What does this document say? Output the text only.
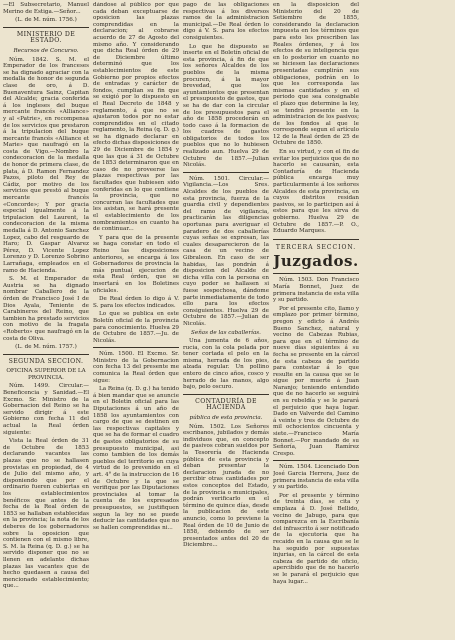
—El Subsecretario, Manuel Merino de Estiga.—Señor...

(L. de M. núm. 1756.)

MINISTERIO DE ESTADO.

Recursos de Concurso.

Núm. 1842. S. M. el Emperador de los franceses se ha dignado agraciar con la medalla de honor de segunda clase de oro, á D. Buenaventura Sainz, Capitan del Alcalde; gracia conferida á los ingleses del buque mercante francés «Alliance» y al «Patrie», en recompensa de los servicios que prestaron á la tripulacion del buque mercante francés «Alliance et Marie» que naufragó en la costa de Vigo.—Nombro la condecoracion de la medalla de honor de primera clase, de plata, á D. Ramon Fernandez Pazos, piloto del Rey de Cádiz, por motivo de los servicios que prestó al buque mercante francés «Concorde»; Y por gracia especial igualmente á la tripulacion del Laurent, la condecoracion de la misma medalla á D. Antonio Sanchez Lopez, cabo del resguardo de Haro; D. Gaspar Alvarez Pérez, D. Vicente Lopez Lorenzo y D. Lorenzo Sobrino Larrañaga, empleados en el ramo de Hacienda.

S. M. el Emperador de Austria se ha dignado nombrar Caballero de la órden de Francisco José I de Dios Ayala, Teniente de Carabineros del Reino, que tambien ha prestado servicios con motivo de la fragata «Roberto» que naufragó en la costa de Oliva.

(L. de M. núm. 1757.)

SEGUNDA SECCION.

OFICINA SUPERIOR DE LA PROVINCIA.

Núm. 1499. Circular.—Beneficencia y Sanidad.—El Excmo. Sr. Ministro de la Gobernacion del Reino se ha servido dirigir á este Gobierno con fecha 11 del actual la Real órden siguiente:

Vista la Real órden de 31 de Octubre de 1853 declarando vacantes las plazas que no se hallasen provistas en propiedad, de 4 de Julio del mismo año, y disponiendo que por el ordinario fueren cubiertas en los establecimientos benéficos que antes de la fecha de la Real órden de 1853 se hallaban establecidas en la provincia; la nota de los deberes de los gobernadores sobre la oposicion que contienen con el mismo libre, S. M. la Reina (q. D. g.) se ha servido disponer que no se llenen en adelante dichas plazas las vacantes que de hecho quedasen a causa del mencionado establecimiento; que...

dándose al público por que cada deban exceptuarse de oposicion las plazas comprendidas en la declaracion; al cobrarse acuerdo de 27 de Agosto del mismo año. Y considerando que dicha Real órden de 29 de Diciembre último determinó que los establecimientos de este Gobierno por propios efectos de entradas y carácter de fondos, cumplian su fin que se exigió por lo dispuesto en el Real Decreto de 1848 y reglamento, á que no se ajustaron todos por no estar comprendidos en el citado reglamento, la Reina (q. D. g.) se ha dignado declarar en efecto dichas disposiciones de 29 de Diciembre de 1854 y que las que á 31 de Octubre de 1853 determinaron que en caso de no proveerse las plazas respectivas por las facultades que hubiesen sido conferidas en lo que contiene la provincia, que no concurran las facultades que les asistan, se hará presente el establecimiento de los nombramientos en cuanto ha de continuar...

Y para que de la presente se haga constar en todo el Reino las disposiciones anteriores, se encarga á los Gobernadores de provincia la más puntual ejecucion de esta Real órden, que se insertará en los Boletines oficiales.

De Real órden lo digo á V. S. para los efectos indicados.

Lo que se publica en este Boletín oficial de la provincia para conocimiento. Huelva 29 de Octubre de 1857.—Ju. de Nicolás.

Núm. 1500. El Excmo. Sr. Ministro de la Gobernacion con fecha 13 del presente me comunica la Real órden que sigue:

La Reina (q. D. g.) ha tenido á bien mandar que se anuncie en el Boletin oficial para las Diputaciones á un año de 1858 los ayuntamientos con cargo de que se destinen en las respectivas capitales y que se ha de formar el cuadro de gastos obligatorios de su presupuesto municipal, asi como tambien de los demás pueblos del territorio en cuya virtud de lo prevenido en el art. 4° de la instruccion de 16 de Octubre y la que se verifique por las Diputaciones provinciales al tomar la cuenta de los expresados presupuestos, se justifiquen segun la ley no se puede deducir las cantidades que no se hallen comprendidas ni...

pago de las obligaciones respectivas á los diversos ramos de la administracion municipal.—De Real órden lo digo á V. S. para los efectos consiguientes.

Lo que he dispuesto se inserte en el Boletín oficial de esta provincia, á fin de que los señores Alcaldes de los pueblos de la misma procuren, á la mayor brevedad, que los ayuntamientos que presentan el presupuesto de gastos, que se ha de dar con la circular de los presupuestos para el año de 1858 procederán en todo caso á la formacion de los cuadros de gastos obligatorios de todos los pueblos que no lo hubiesen realizado aun. Huelva 29 de Octubre de 1857.—Julian Nicolás.

Núm. 1501. Circular.—Vigilancia.—Los Sres. Alcaldes de los pueblos de esta provincia, fuerza de la guardia civil y dependientes del ramo de vigilancia, practicarán las diligencias oportunas para averiguar el paradero de dos caballerías cuyas señas se expresan, las cuales desaparecieron de la casa de un vecino de Gibraleon. En caso de ser habidas, las pondrán á disposicion del Alcalde de dicha villa con la persona en cuyo poder se hallasen si fuese sospechosa, dándome parte inmediatamente de todo ello para los efectos consiguientes. Huelva 29 de Octubre de 1857.—Julian de Nicolás.

Señas de las caballerías.

Una jumenta de 6 años, rucia, con la cola pelada por tener cortada el pelo en la misma, herrada de los pies, alzada regular. Un pollino entero de cinco años, cosco y herrado de las manos, algo bajo, pelo oscuro.

CONTADURÍA DE HACIENDA

pública de esta provincia.

Núm. 1502. Los Señores escribanos, jubilados y demás individuos que, en concepto de pasivos cobran sueldos por la Tesorería de Hacienda pública de esta provincia y deban presentar la declaracion jurada de no percibir otras cantidades por estos conceptos del Estado, de la provincia o municipales, podrán verificarlo en el término de quince días, desde la publicacion de este anuncio, como lo previene la Real órden de 10 de Junio de 1858, debiendo de ser presentados antes del 20 de Diciembre...

en la disposicion del Ministerio del 20 de Setiembre de 1855, considerando la declaracion impuesta en los términos que para esto les prescriben las Reales órdenes, y á los efectos de su inteligencia que en lo posterior en cuanto no se hiciesen las declaraciones presentadas cumplirán sus obligaciones, podrán en lo que les corresponda las mismas cantidades y en el periodo que sea consignable el plazo que determine la ley, se tendrá presente en la administracion de los pasivos; de los fondos al que le corresponde segun el artículo 12 de la Real órden de 25 de Octubre de 1850.

En su virtud, y con el fin de evitar los perjuicios que de no hacerlo se causarán, esta Contaduría de Hacienda pública encarga muy particularmente á los señores Alcaldes de esta provincia, en cuyos distritos residan pasivos, se lo participen así á estos para que les sirva de gobierno. Huelva 29 de Octubre de 1857.—P. O., Eduardo Marques.

TERCERA SECCION.
Juzgados.

Núm. 1503. Don Francisco María Bonnet, Juez de primera instancia de esta villa y su partido.

Por el presente cito, llamo y emplazo por primer término, pregon y edicto á Andrés Bueno Sanchez, natural y vecino de Cabezas Rubias, para que en el término de nueve días siguientes á su fecha se presente en la cárcel de esta cabeza de partido para contestar á lo que resulte en la causa que se le sigue por muerte á Juan Naranjo; teniendo entendido que de no hacerlo se seguirá en su rebeldía y se le parará el perjuicio que haya lugar. Dado en Valverde del Camino á veinte y tres de Octubre de mil ochocientos cincuenta y siete.—Francisco María Bonnet.—Por mandado de su Señoría, Juan Ramírez Crespo.

Núm. 1504. Licenciado Don José Garcia Herrera, Juez de primera instancia de esta villa y su partido.

Por el presente y término de treinta días, se cita y emplaza á D. José Bellido, vecino de Jabugo, para que comparezca en la Escribanía del infrascrito á ser notificado de la ejecutoria que ha recaido en la causa que se le ha seguido por supuestas injurias, en la cárcel de esta cabeza de partido de oficio, apercibido que de no hacerlo se le parará el perjuicio que haya lugar...
